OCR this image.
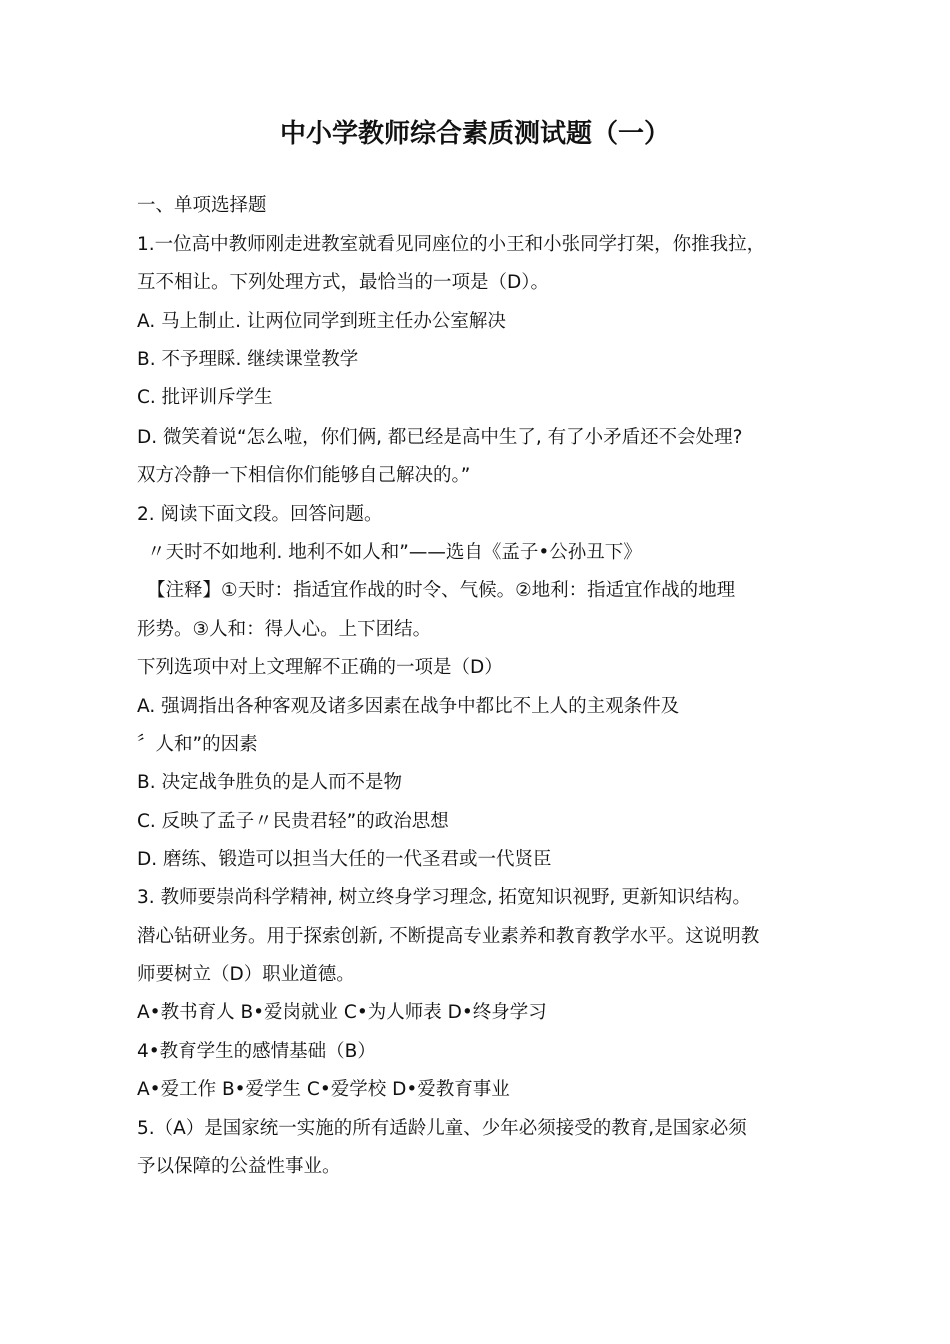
中小学教师综合素质测试题（一）

一、单项选择题

1.一位高中教师刚走进教室就看见同座位的小王和小张同学打架，你推我拉，

互不相让。下列处理方式，最恰当的一项是（D）。

A. 马上制止. 让两位同学到班主任办公室解决

B. 不予理睬. 继续课堂教学

C. 批评训斥学生

D. 微笑着说“怎么啦，你们俩, 都已经是高中生了, 有了小矛盾还不会处理?

双方冷静一下相信你们能够自己解决的。”

2. 阅读下面文段。回答问题。

〃天时不如地利. 地利不如人和”——选自《孟子•公孙丑下》

【注释】①天时：指适宜作战的时令、气候。②地利：指适宜作战的地理

形势。③人和：得人心。上下团结。

下列选项中对上文理解不正确的一项是（D）

A. 强调指出各种客观及诸多因素在战争中都比不上人的主观条件及

〞人和”的因素

B. 决定战争胜负的是人而不是物

C. 反映了孟子〃民贵君轻”的政治思想

D. 磨练、锻造可以担当大任的一代圣君或一代贤臣

3. 教师要崇尚科学精神, 树立终身学习理念, 拓宽知识视野, 更新知识结构。

潜心钻研业务。用于探索创新, 不断提高专业素养和教育教学水平。这说明教

师要树立（D）职业道德。

A•教书育人 B•爱岗就业 C•为人师表 D•终身学习

4•教育学生的感情基础（B）

A•爱工作 B•爱学生 C•爱学校 D•爱教育事业

5.（A）是国家统一实施的所有适龄儿童、少年必须接受的教育,是国家必须

予以保障的公益性事业。
